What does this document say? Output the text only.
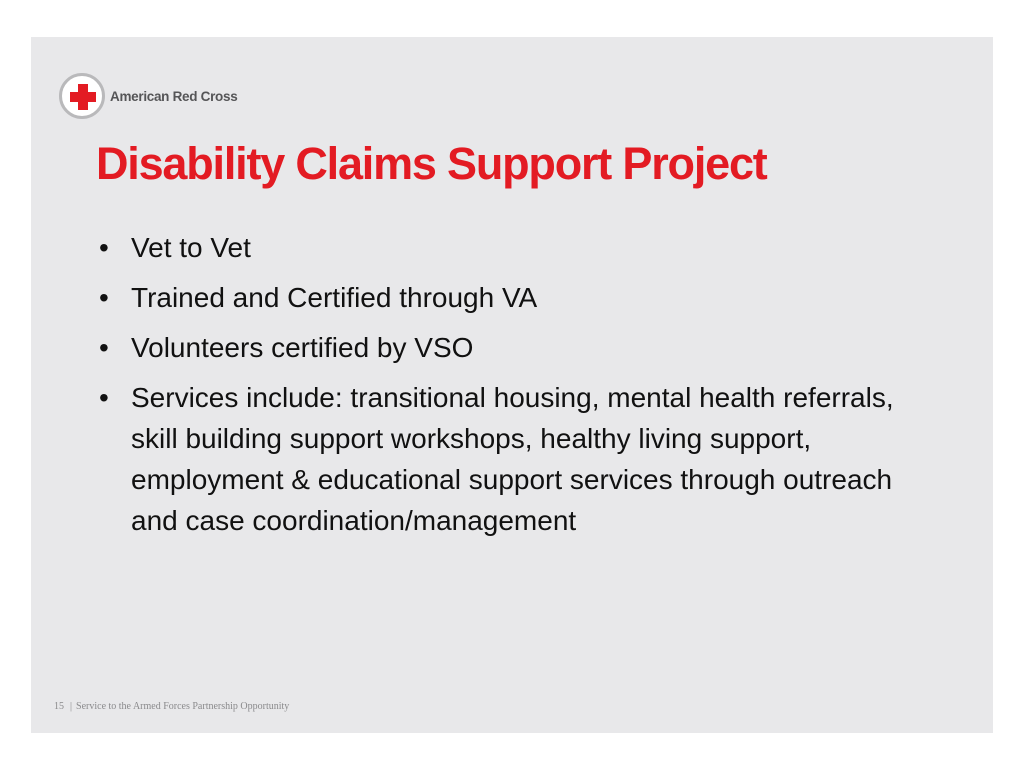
American Red Cross
Disability Claims Support Project
• Vet to Vet
• Trained and Certified through VA
• Volunteers certified by VSO
• Services include: transitional housing, mental health referrals, skill building support workshops, healthy living support, employment & educational support services through outreach and case coordination/management
15 | Service to the Armed Forces Partnership Opportunity
